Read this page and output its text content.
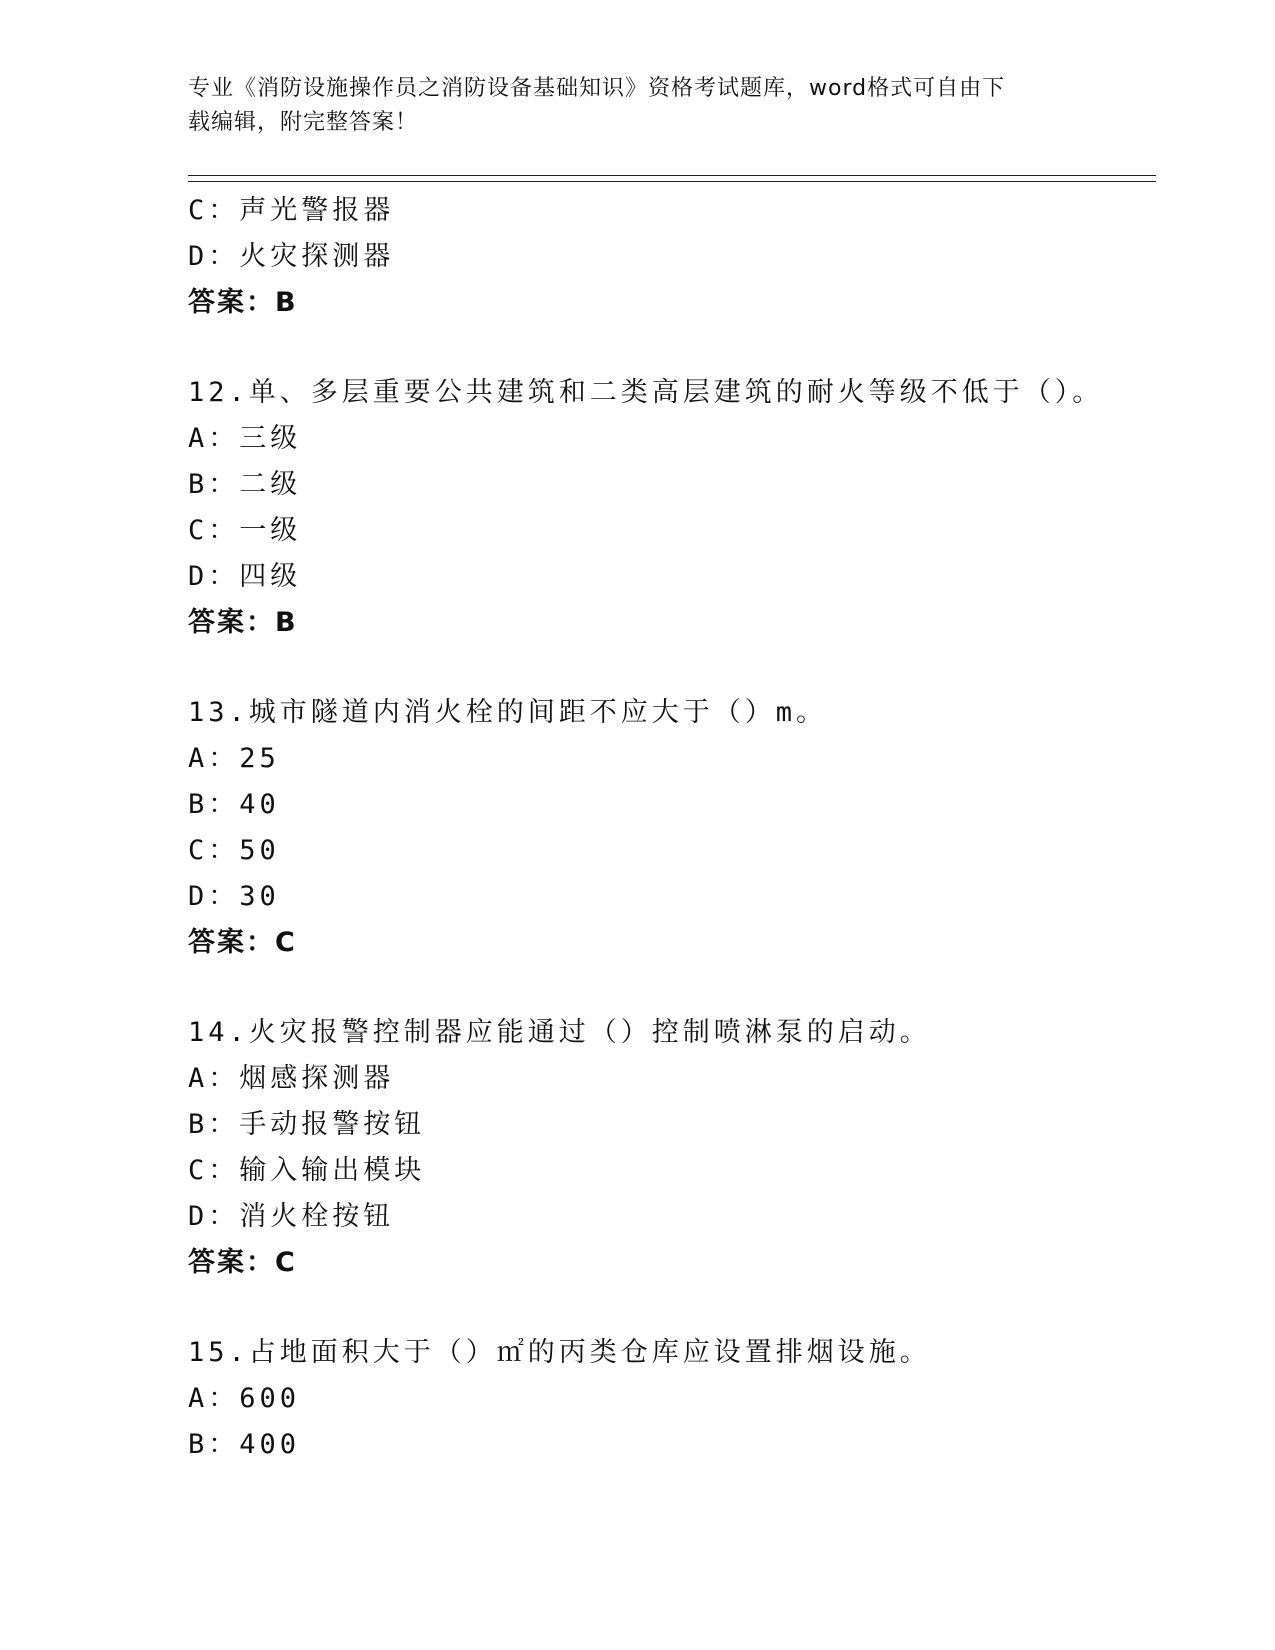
专业《消防设施操作员之消防设备基础知识》资格考试题库，word格式可自由下
载编辑，附完整答案！
C：声光警报器
D：火灾探测器
答案：B
12.单、多层重要公共建筑和二类高层建筑的耐火等级不低于（）。
A：三级
B：二级
C：一级
D：四级
答案：B
13.城市隧道内消火栓的间距不应大于（）m。
A：25
B：40
C：50
D：30
答案：C
14.火灾报警控制器应能通过（）控制喷淋泵的启动。
A：烟感探测器
B：手动报警按钮
C：输入输出模块
D：消火栓按钮
答案：C
15.占地面积大于（）㎡的丙类仓库应设置排烟设施。
A：600
B：400
